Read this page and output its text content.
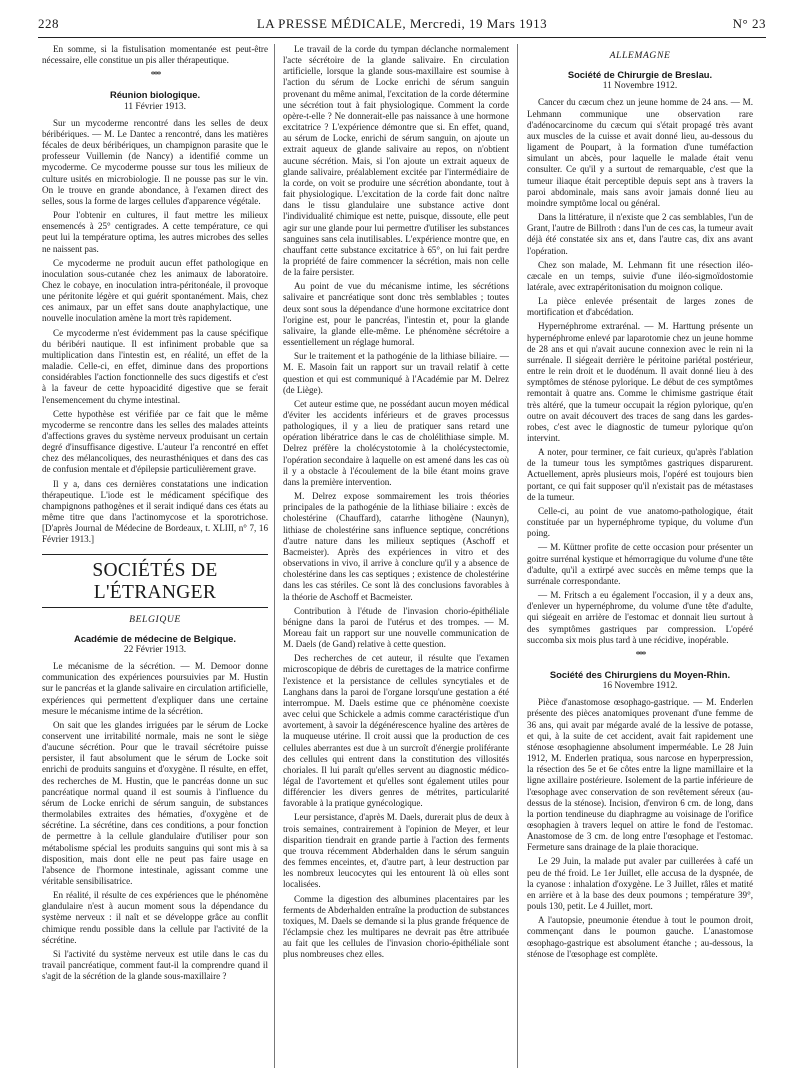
228	LA PRESSE MÉDICALE, Mercredi, 19 Mars 1913	N° 23

En somme, si la fistulisation momentanée est peut-être nécessaire, elle constitue un pis aller thérapeutique.

***
Réunion biologique.
11 Février 1913.

Sur un mycoderme rencontré dans les selles de deux béribériques. — M. Le Dantec a rencontré, dans les matières fécales de deux béribériques, un champignon parasite que le professeur Vuillemin (de Nancy) a identifié comme un mycoderme. Ce mycoderme pousse sur tous les milieux de culture usités en microbiologie. Il ne pousse pas sur le vin. On le trouve en grande abondance, à l'examen direct des selles, sous la forme de larges cellules d'apparence végétale.

Pour l'obtenir en cultures, il faut mettre les milieux ensemencés à 25° centigrades. A cette température, ce qui peut lui la température optima, les autres microbes des selles ne naissent pas.

Ce mycoderme ne produit aucun effet pathologique en inoculation sous-cutanée chez les animaux de laboratoire. Chez le cobaye, en inoculation intra-péritonéale, il provoque une péritonite légère et qui guérit spontanément. Mais, chez ces animaux, par un effet sans doute anaphylactique, une nouvelle inoculation amène la mort très rapidement.

Ce mycoderme n'est évidemment pas la cause spécifique du béribéri nautique. Il est infiniment probable que sa multiplication dans l'intestin est, en réalité, un effet de la maladie. Celle-ci, en effet, diminue dans des proportions considérables l'action fonctionnelle des sucs digestifs et c'est à la faveur de cette hypoacidité digestive que se ferait l'ensemencement du chyme intestinal.

Cette hypothèse est vérifiée par ce fait que le même mycoderme se rencontre dans les selles des malades atteints d'affections graves du système nerveux produisant un certain degré d'insuffisance digestive. L'auteur l'a rencontré en effet chez des mélancoliques, des neurasthéniques et dans des cas de confusion mentale et d'épilepsie particulièrement grave.

Il y a, dans ces dernières constatations une indication thérapeutique. L'iode est le médicament spécifique des champignons pathogènes et il serait indiqué dans ces états au même titre que dans l'actinomycose et la sporotrichose. [D'après Journal de Médecine de Bordeaux, t. XLIII, n° 7, 16 Février 1913.]

SOCIÉTÉS DE L'ÉTRANGER
BELGIQUE
Académie de médecine de Belgique.
22 Février 1913.

Le mécanisme de la sécrétion. — M. Demoor donne communication des expériences poursuivies par M. Hustin sur le pancréas et la glande salivaire en circulation artificielle, expériences qui permettent d'expliquer dans une certaine mesure le mécanisme intime de la sécrétion.

On sait que les glandes irriguées par le sérum de Locke conservent une irritabilité normale, mais ne sont le siège d'aucune sécrétion. Pour que le travail sécrétoire puisse persister, il faut absolument que le sérum de Locke soit enrichi de produits sanguins et d'oxygène. Il résulte, en effet, des recherches de M. Hustin, que le pancréas donne un suc pancréatique normal quand il est soumis à l'influence du sérum de Locke enrichi de sérum sanguin, de substances thermolabiles extraites des hématies, d'oxygène et de sécrétine. La sécrétine, dans ces conditions, a pour fonction de permettre à la cellule glandulaire d'utiliser pour son métabolisme spécial les produits sanguins qui sont mis à sa disposition, mais dont elle ne peut pas faire usage en l'absence de l'hormone intestinale, agissant comme une véritable sensibilisatrice.

En réalité, il résulte de ces expériences que le phénomène glandulaire n'est à aucun moment sous la dépendance du système nerveux : il naît et se développe grâce au conflit chimique rendu possible dans la cellule par l'activité de la sécrétine.

Si l'activité du système nerveux est utile dans le cas du travail pancréatique, comment faut-il la comprendre quand il s'agit de la sécrétion de la glande sous-maxillaire ?

Le travail de la corde du tympan déclanche normalement l'acte sécrétoire de la glande salivaire. En circulation artificielle, lorsque la glande sous-maxillaire est soumise à l'action du sérum de Locke enrichi de sérum sanguin provenant du même animal, l'excitation de la corde détermine une sécrétion tout à fait physiologique. Comment la corde opère-t-elle ? Ne donnerait-elle pas naissance à une hormone excitatrice ? L'expérience démontre que si. En effet, quand, au sérum de Locke, enrichi de sérum sanguin, on ajoute un extrait aqueux de glande salivaire au repos, on n'obtient aucune sécrétion. Mais, si l'on ajoute un extrait aqueux de glande salivaire, préalablement excitée par l'intermédiaire de la corde, on voit se produire une sécrétion abondante, tout à fait physiologique. L'excitation de la corde fait donc naître dans le tissu glandulaire une substance active dont l'individualité chimique est nette, puisque, dissoute, elle peut agir sur une glande pour lui permettre d'utiliser les substances sanguines sans cela inutilisables. L'expérience montre que, en chauffant cette substance excitatrice à 65°, on lui fait perdre la propriété de faire commencer la sécrétion, mais non celle de la faire persister.

Au point de vue du mécanisme intime, les sécrétions salivaire et pancréatique sont donc très semblables ; toutes deux sont sous la dépendance d'une hormone excitatrice dont l'origine est, pour le pancréas, l'intestin et, pour la glande salivaire, la glande elle-même. Le phénomène sécrétoire a essentiellement un réglage humoral.

Sur le traitement et la pathogénie de la lithiase biliaire. — M. E. Masoin fait un rapport sur un travail relatif à cette question et qui est communiqué à l'Académie par M. Delrez (de Liège).

Cet auteur estime que, ne possédant aucun moyen médical d'éviter les accidents inférieurs et de graves processus pathologiques, il y a lieu de pratiquer sans retard une opération libératrice dans le cas de cholélithiase simple. M. Delrez préfère la cholécystotomie à la cholécystectomie, l'opération secondaire à laquelle on est amené dans les cas où il y a obstacle à l'écoulement de la bile étant moins grave dans la première intervention.

M. Delrez expose sommairement les trois théories principales de la pathogénie de la lithiase biliaire : excès de cholestérine (Chauffard), catarrhe lithogène (Naunyn), lithiase de cholestérine sans influence septique, concrétions d'autre nature dans les milieux septiques (Aschoff et Bacmeister). Après des expériences in vitro et des observations in vivo, il arrive à conclure qu'il y a absence de cholestérine dans les cas septiques ; existence de cholestérine dans les cas stériles. Ce sont là des conclusions favorables à la théorie de Aschoff et Bacmeister.

Contribution à l'étude de l'invasion chorio-épithéliale bénigne dans la paroi de l'utérus et des trompes. — M. Moreau fait un rapport sur une nouvelle communication de M. Daels (de Gand) relative à cette question.

Des recherches de cet auteur, il résulte que l'examen microscopique de débris de curettages de la matrice confirme l'existence et la persistance de cellules syncytiales et de Langhans dans la paroi de l'organe lorsqu'une gestation a été interrompue. M. Daels estime que ce phénomène coexiste avec celui que Schickele a admis comme caractéristique d'un avortement, à savoir la dégénérescence hyaline des artères de la muqueuse utérine. Il croit aussi que la production de ces cellules aberrantes est due à un surcroît d'énergie proliférante des cellules qui entrent dans la constitution des villosités choriales. Il lui paraît qu'elles servent au diagnostic médico-légal de l'avortement et qu'elles sont également utiles pour différencier les divers genres de métrites, particularité favorable à la pratique gynécologique.

Leur persistance, d'après M. Daels, durerait plus de deux à trois semaines, contrairement à l'opinion de Meyer, et leur disparition tiendrait en grande partie à l'action des ferments que trouva récemment Abderhalden dans le sérum sanguin des femmes enceintes, et, d'autre part, à leur destruction par les nombreux leucocytes qui les entourent là où elles sont localisées.

Comme la digestion des albumines placentaires par les ferments de Abderhalden entraîne la production de substances toxiques, M. Daels se demande si la plus grande fréquence de l'éclampsie chez les multipares ne devrait pas être attribuée au fait que les cellules de l'invasion chorio-épithéliale sont plus nombreuses chez elles.

ALLEMAGNE
Société de Chirurgie de Breslau.
11 Novembre 1912.

Cancer du cæcum chez un jeune homme de 24 ans. — M. Lehmann communique une observation rare d'adénocarcinome du cæcum qui s'était propagé très avant aux muscles de la cuisse et avait donné lieu, au-dessous du ligament de Poupart, à la formation d'une tuméfaction simulant un abcès, pour laquelle le malade était venu consulter. Ce qu'il y a surtout de remarquable, c'est que la tumeur iliaque était perceptible depuis sept ans à travers la paroi abdominale, mais sans avoir jamais donné lieu au moindre symptôme local ou général.

Dans la littérature, il n'existe que 2 cas semblables, l'un de Grant, l'autre de Billroth : dans l'un de ces cas, la tumeur avait déjà été constatée six ans et, dans l'autre cas, dix ans avant l'opération.

Chez son malade, M. Lehmann fit une résection iléo-cæcale en un temps, suivie d'une iléo-sigmoïdostomie latérale, avec extrapéritonisation du moignon colique.

La pièce enlevée présentait de larges zones de mortification et d'abcédation.

Hypernéphrome extrarénal. — M. Harttung présente un hypernéphrome enlevé par laparotomie chez un jeune homme de 28 ans et qui n'avait aucune connexion avec le rein ni la surrénale. Il siégeait derrière le péritoine pariétal postérieur, entre le rein droit et le duodénum. Il avait donné lieu à des symptômes de sténose pylorique. Le début de ces symptômes remontait à quatre ans. Comme le chimisme gastrique était très altéré, que la tumeur occupait la région pylorique, qu'en outre on avait découvert des traces de sang dans les gardes-robes, c'est avec le diagnostic de tumeur pylorique qu'on intervint.

A noter, pour terminer, ce fait curieux, qu'après l'ablation de la tumeur tous les symptômes gastriques disparurent. Actuellement, après plusieurs mois, l'opéré est toujours bien portant, ce qui fait supposer qu'il n'existait pas de métastases de la tumeur.

Celle-ci, au point de vue anatomo-pathologique, était constituée par un hypernéphrome typique, du volume d'un poing.

— M. Küttner profite de cette occasion pour présenter un goitre surrénal kystique et hémorragique du volume d'une tête d'adulte, qu'il a extirpé avec succès en même temps que la surrénale correspondante.

— M. Fritsch a eu également l'occasion, il y a deux ans, d'enlever un hypernéphrome, du volume d'une tête d'adulte, qui siégeait en arrière de l'estomac et donnait lieu surtout à des symptômes gastriques par compression. L'opéré succomba six mois plus tard à une récidive, inopérable.

***
Société des Chirurgiens du Moyen-Rhin.
16 Novembre 1912.

Pièce d'anastomose œsophago-gastrique. — M. Enderlen présente des pièces anatomiques provenant d'une femme de 36 ans, qui avait par mégarde avalé de la lessive de potasse, et qui, à la suite de cet accident, avait fait rapidement une sténose œsophagienne absolument imperméable. Le 28 Juin 1912, M. Enderlen pratiqua, sous narcose en hyperpression, la résection des 5e et 6e côtes entre la ligne mamillaire et la ligne axillaire postérieure. Isolement de la partie inférieure de l'œsophage avec conservation de son revêtement séreux (au-dessus de la sténose). Incision, d'environ 6 cm. de long, dans la portion tendineuse du diaphragme au voisinage de l'orifice œsophagien à travers lequel on attire le fond de l'estomac. Anastomose de 3 cm. de long entre l'œsophage et l'estomac. Fermeture sans drainage de la plaie thoracique.

Le 29 Juin, la malade put avaler par cuillerées à café un peu de thé froid. Le 1er Juillet, elle accusa de la dyspnée, de la cyanose : inhalation d'oxygène. Le 3 Juillet, râles et matité en arrière et à la base des deux poumons ; température 39°, pouls 130, petit. Le 4 Juillet, mort.

A l'autopsie, pneumonie étendue à tout le poumon droit, commençant dans le poumon gauche. L'anastomose œsophago-gastrique est absolument étanche ; au-dessous, la sténose de l'œsophage est complète.
